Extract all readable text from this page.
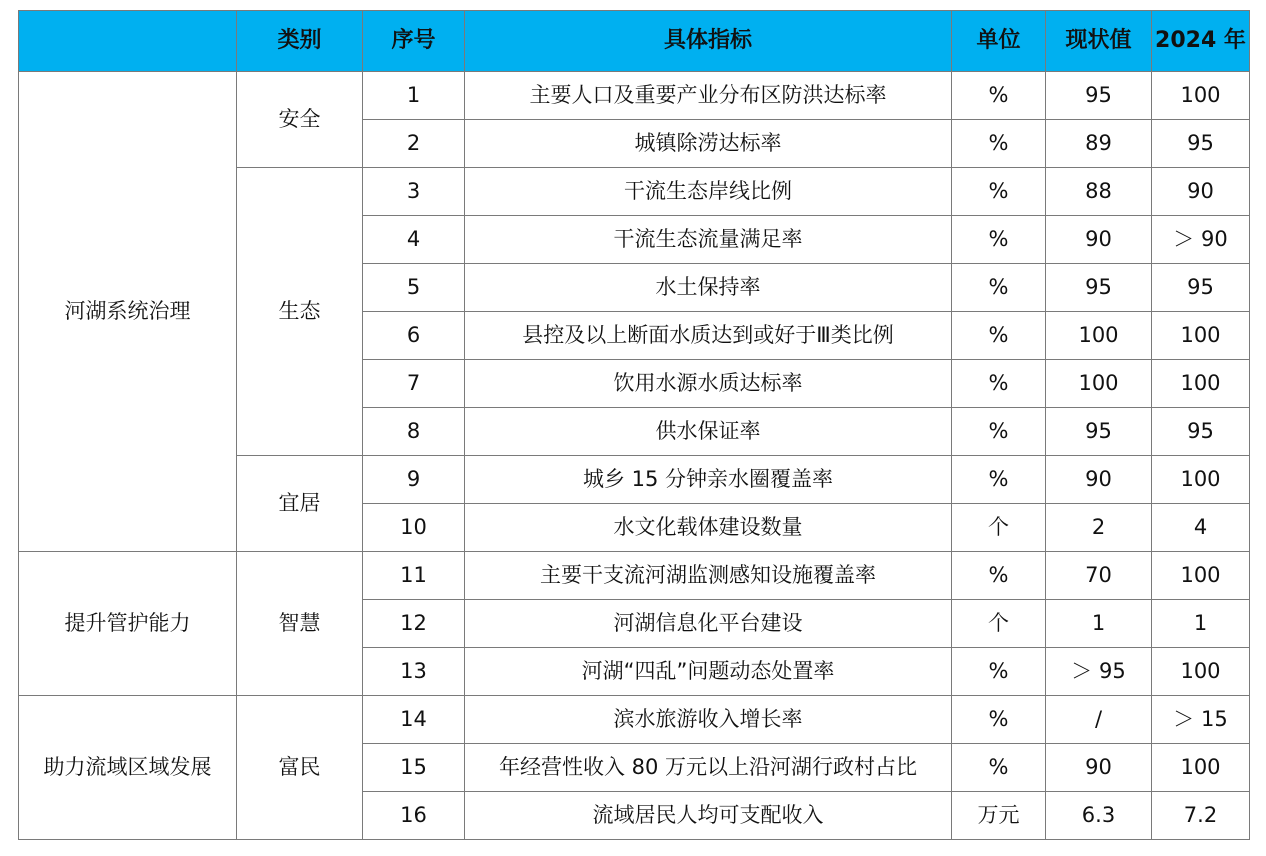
	类别	序号	具体指标	单位	现状值	2024 年
河湖系统治理	安全	1	主要人口及重要产业分布区防洪达标率	%	95	100
		2	城镇除涝达标率	%	89	95
	生态	3	干流生态岸线比例	%	88	90
		4	干流生态流量满足率	%	90	＞ 90
		5	水土保持率	%	95	95
		6	县控及以上断面水质达到或好于Ⅲ类比例	%	100	100
		7	饮用水源水质达标率	%	100	100
		8	供水保证率	%	95	95
	宜居	9	城乡 15 分钟亲水圈覆盖率	%	90	100
		10	水文化载体建设数量	个	2	4
提升管护能力	智慧	11	主要干支流河湖监测感知设施覆盖率	%	70	100
		12	河湖信息化平台建设	个	1	1
		13	河湖“四乱”问题动态处置率	%	＞ 95	100
助力流域区域发展	富民	14	滨水旅游收入增长率	%	/	＞ 15
		15	年经营性收入 80 万元以上沿河湖行政村占比	%	90	100
		16	流域居民人均可支配收入	万元	6.3	7.2
